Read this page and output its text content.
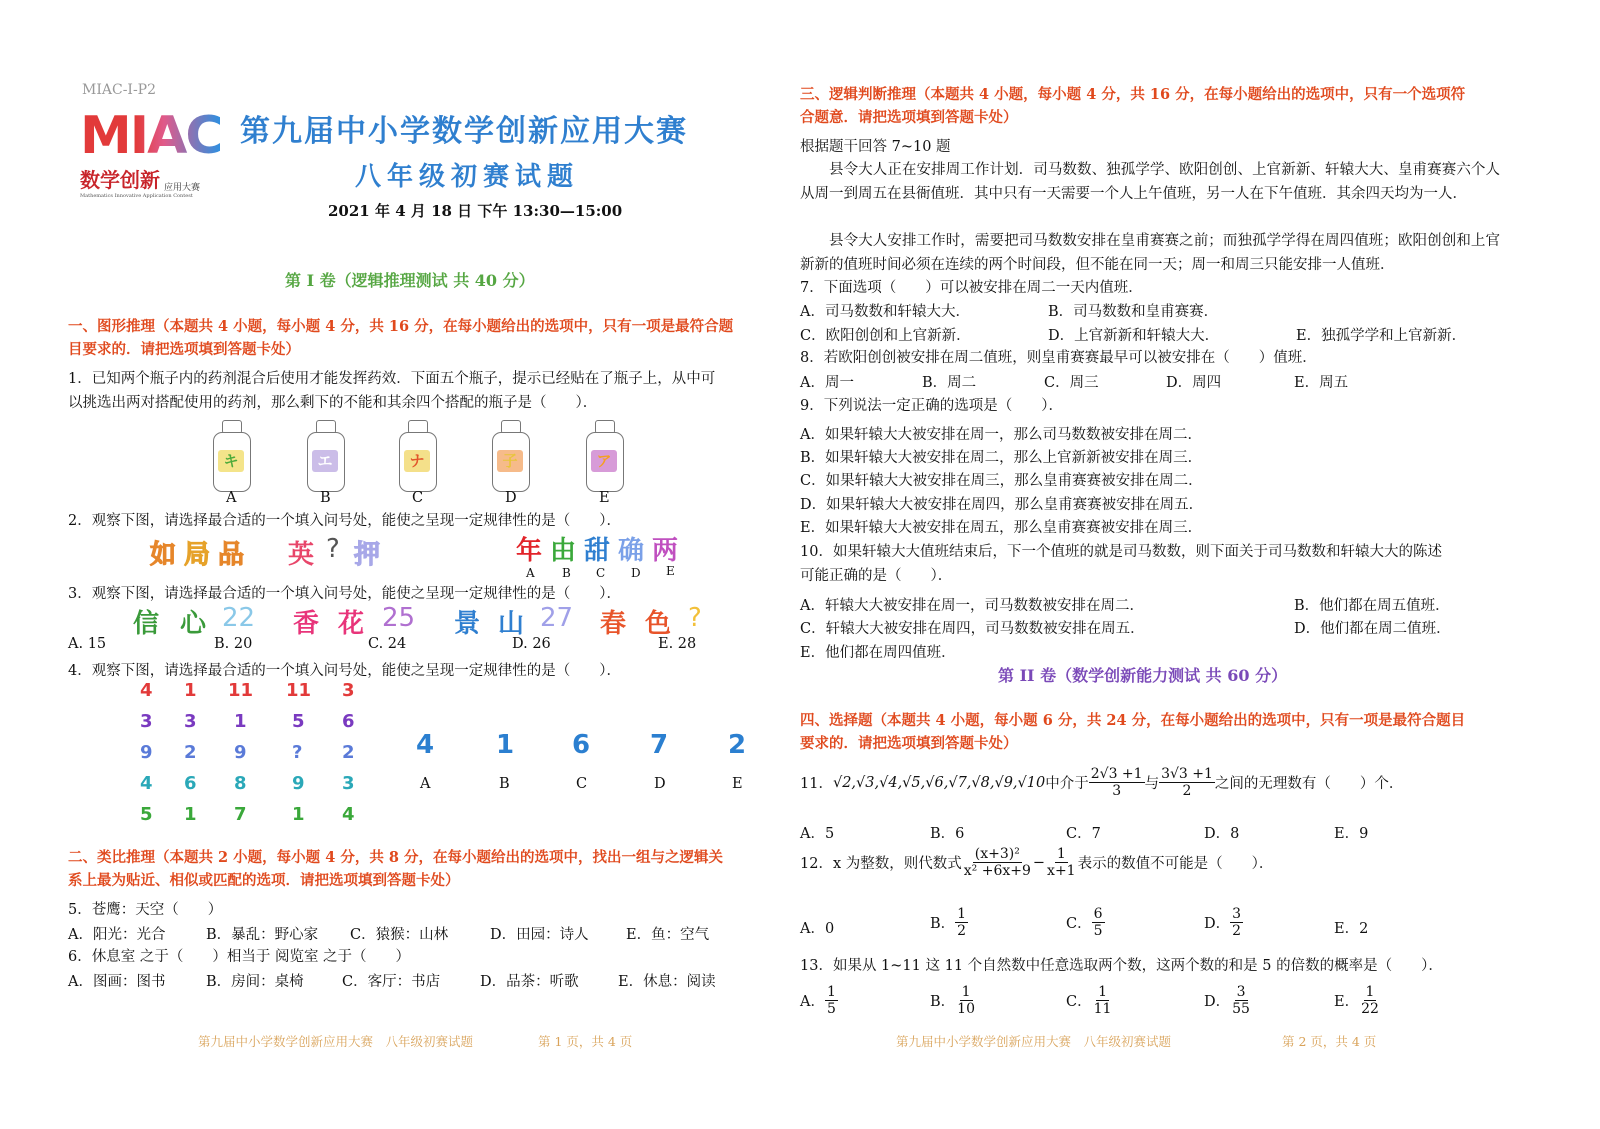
MIAC-I-P2
MIAC
数学创新 应用大赛
Mathematics Innovative Application Contest
第九届中小学数学创新应用大赛
八年级初赛试题
2021 年 4 月 18 日 下午 13:30—15:00
第 I 卷（逻辑推理测试 共 40 分）
一、图形推理（本题共 4 小题，每小题 4 分，共 16 分，在每小题给出的选项中，只有一项是最符合题
目要求的．请把选项填到答题卡处）
1．已知两个瓶子内的药剂混合后使用才能发挥药效．下面五个瓶子，提示已经贴在了瓶子上，从中可
以挑选出两对搭配使用的药剂，那么剩下的不能和其余四个搭配的瓶子是（　　）．
キ	エ	ナ	子	ア
A	B	C	D	E
2．观察下图，请选择最合适的一个填入问号处，能使之呈现一定规律性的是（　　）．
如 局 品 英 ? 押	年 由 甜 确 两
A B C D E
3．观察下图，请选择最合适的一个填入问号处，能使之呈现一定规律性的是（　　）．
信 心 22 香 花 25 景 山 27 春 色 ?
A. 15	B. 20	C. 24	D. 26	E. 28
4．观察下图，请选择最合适的一个填入问号处，能使之呈现一定规律性的是（　　）．
4 1 11 11 3
3 3 1	5 6
9 2 9	? 2
4 6 8	9 3
5 1 7	1 4
4 1 6 7 2
A	B	C	D	E
二、类比推理（本题共 2 小题，每小题 4 分，共 8 分，在每小题给出的选项中，找出一组与之逻辑关
系上最为贴近、相似或匹配的选项．请把选项填到答题卡处）
5．苍鹰：天空（　　）
A．阳光：光合	B．暴乱：野心家 C．猿猴：山林	D．田园：诗人	E．鱼：空气
6．休息室 之于（　　）相当于 阅览室 之于（　　）
A．图画：图书	B．房间：桌椅	C．客厅：书店	D．品茶：听歌	E．休息：阅读
第九届中小学数学创新应用大赛　八年级初赛试题	第 1 页，共 4 页
三、逻辑判断推理（本题共 4 小题，每小题 4 分，共 16 分，在每小题给出的选项中，只有一个选项符
合题意．请把选项填到答题卡处）
根据题干回答 7~10 题
县令大人正在安排周工作计划．司马数数、独孤学学、欧阳创创、上官新新、轩辕大大、皇甫赛赛六个人从周一到周五在县衙值班．其中只有一天需要一个人上午值班，另一人在下午值班．其余四天均为一人．
县令大人安排工作时，需要把司马数数安排在皇甫赛赛之前；而独孤学学得在周四值班；欧阳创创和上官新新的值班时间必须在连续的两个时间段，但不能在同一天；周一和周三只能安排一人值班．
7．下面选项（　　）可以被安排在周二一天内值班．
A．司马数数和轩辕大大．	B．司马数数和皇甫赛赛．
C．欧阳创创和上官新新．	D．上官新新和轩辕大大．	E．独孤学学和上官新新．
8．若欧阳创创被安排在周二值班，则皇甫赛赛最早可以被安排在（　　）值班．
A．周一	B．周二	C．周三	D．周四	E．周五
9．下列说法一定正确的选项是（　　）．
A．如果轩辕大大被安排在周一，那么司马数数被安排在周二．
B．如果轩辕大大被安排在周二，那么上官新新被安排在周三．
C．如果轩辕大大被安排在周三，那么皇甫赛赛被安排在周二．
D．如果轩辕大大被安排在周四，那么皇甫赛赛被安排在周五．
E．如果轩辕大大被安排在周五，那么皇甫赛赛被安排在周三．
10．如果轩辕大大值班结束后，下一个值班的就是司马数数，则下面关于司马数数和轩辕大大的陈述
可能正确的是（　　）．
A．轩辕大大被安排在周一，司马数数被安排在周二．	B．他们都在周五值班．
C．轩辕大大被安排在周四，司马数数被安排在周五．	D．他们都在周二值班．
E．他们都在周四值班．
第 II 卷（数学创新能力测试 共 60 分）
四、选择题（本题共 4 小题，每小题 6 分，共 24 分，在每小题给出的选项中，只有一项是最符合题目
要求的．请把选项填到答题卡处）
11． √2,√3,√4,√5,√6,√7,√8,√9,√10 中介于 $\frac{2√3 +1}{3}$ 与 $\frac{3√3 +1}{2}$ 之间的无理数有（　　）个．
A．5	B．6	C．7	D．8	E．9
12． x 为整数，则代数式 $\frac{\text{(x+3)²}}{\text{x² +6x+9}} - \frac{1}{x+1}$ 表示的数值不可能是（　　）．
A．0	B． $\frac{1}{2}$	C． $\frac{6}{5}$	D． $\frac{3}{2}$	E．2
13．如果从 1~11 这 11 个自然数中任意选取两个数，这两个数的和是 5 的倍数的概率是（　　）．
A． $\frac{1}{5}$	B． $\frac{1}{10}$	C． $\frac{1}{11}$	D． $\frac{3}{55}$	E． $\frac{1}{22}$
第九届中小学数学创新应用大赛　八年级初赛试题	第 2 页，共 4 页
